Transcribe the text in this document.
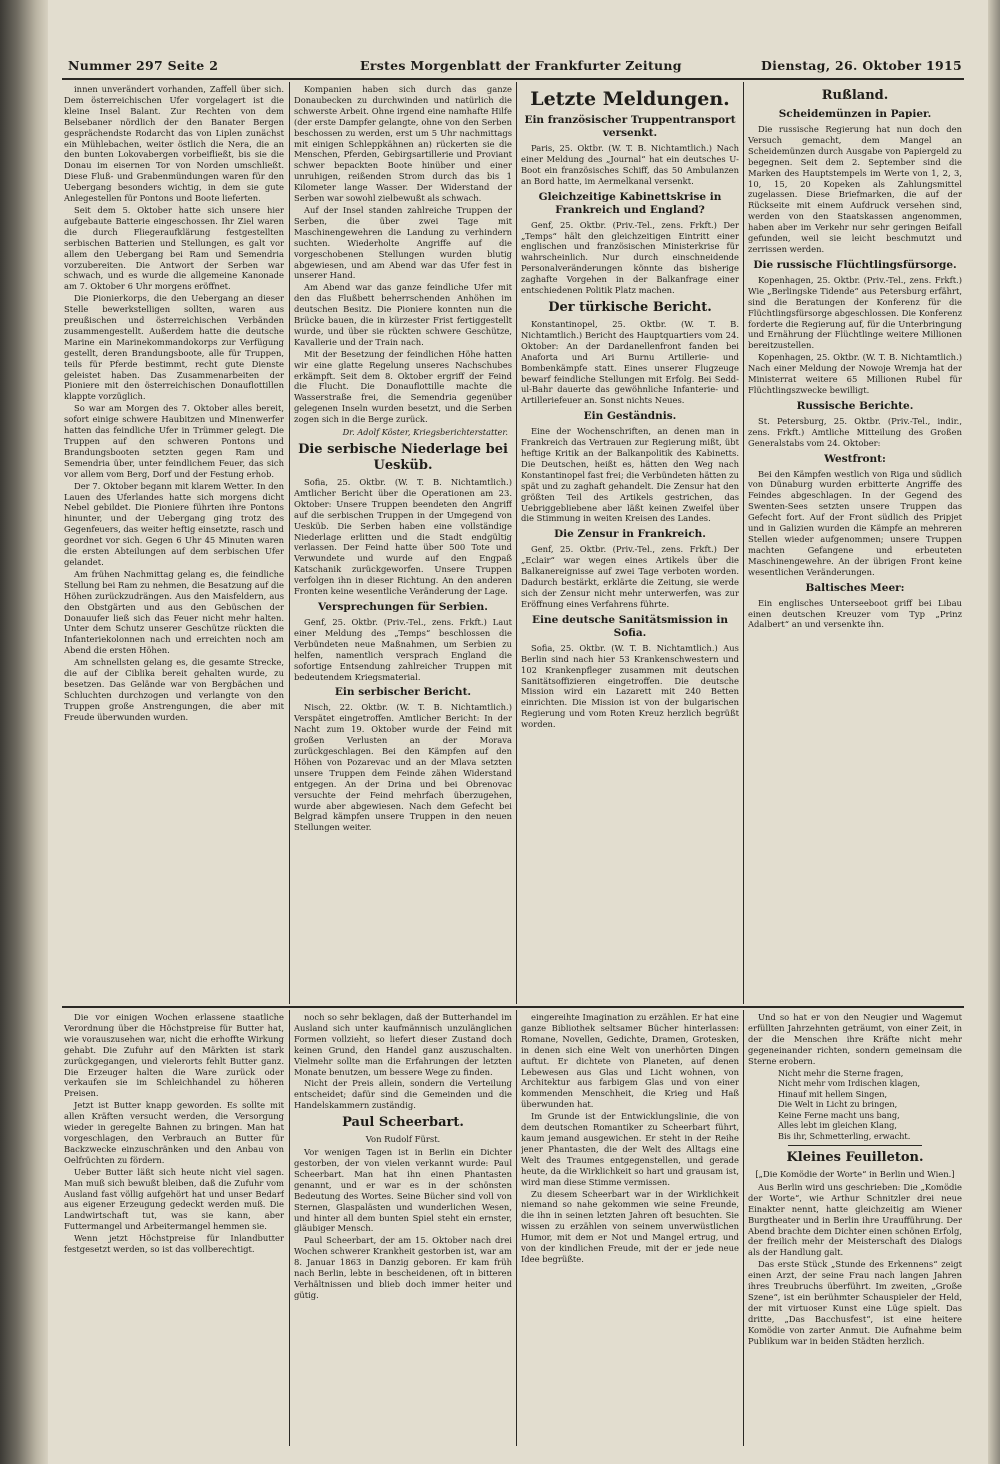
Nummer 297 Seite 2	Erstes Morgenblatt der Frankfurter Zeitung	Dienstag, 26. Oktober 1915

innen unverändert vorhanden, Zaffell über sich. Dem österreichischen Ufer vorgelagert ist die kleine Insel Balant. Zur Rechten von dem Belsebaner nördlich der den Banater Bergen gesprächendste Rodarcht das von Liplen zunächst ein Mühlebachen, weiter östlich die Nera, die an den bunten Lokovabergen vorbeifließt, bis sie die Donau im eisernen Tor von Norden umschließt. Diese Fluß- und Grabenmündungen waren für den Uebergang besonders wichtig, in dem sie gute Anlegestellen für Pontons und Boote lieferten.

Seit dem 5. Oktober hatte sich unsere hier aufgebaute Batterie eingeschossen. Ihr Ziel waren die durch Fliegeraufklärung festgestellten serbischen Batterien und Stellungen, es galt vor allem den Uebergang bei Ram und Semendria vorzubereiten. Die Antwort der Serben war schwach, und es wurde die allgemeine Kanonade am 7. Oktober 6 Uhr morgens eröffnet.

Die Pionierkorps, die den Uebergang an dieser Stelle bewerkstelligen sollten, waren aus preußischen und österreichischen Verbänden zusammengestellt. Außerdem hatte die deutsche Marine ein Marinekommandokorps zur Verfügung gestellt, deren Brandungsboote, alle für Truppen, teils für Pferde bestimmt, recht gute Dienste geleistet haben. Das Zusammenarbeiten der Pioniere mit den österreichischen Donauflottillen klappte vorzüglich.

So war am Morgen des 7. Oktober alles bereit, sofort einige schwere Haubitzen und Minenwerfer hatten das feindliche Ufer in Trümmer gelegt. Die Truppen auf den schweren Pontons und Brandungsbooten setzten gegen Ram und Semendria über, unter feindlichem Feuer, das sich vor allem vom Berg, Dorf und der Festung erhob.

Der 7. Oktober begann mit klarem Wetter. In den Lauen des Uferlandes hatte sich morgens dicht Nebel gebildet. Die Pioniere führten ihre Pontons hinunter, und der Uebergang ging trotz des Gegenfeuers, das weiter heftig einsetzte, rasch und geordnet vor sich. Gegen 6 Uhr 45 Minuten waren die ersten Abteilungen auf dem serbischen Ufer gelandet.

Am frühen Nachmittag gelang es, die feindliche Stellung bei Ram zu nehmen, die Besatzung auf die Höhen zurückzudrängen. Aus den Maisfeldern, aus den Obstgärten und aus den Gebüschen der Donauufer ließ sich das Feuer nicht mehr halten. Unter dem Schutz unserer Geschütze rückten die Infanteriekolonnen nach und erreichten noch am Abend die ersten Höhen.

Am schnellsten gelang es, die gesamte Strecke, die auf der Ciblika bereit gehalten wurde, zu besetzen. Das Gelände war von Bergbächen und Schluchten durchzogen und verlangte von den Truppen große Anstrengungen, die aber mit Freude überwunden wurden.

Kompanien haben sich durch das ganze Donaubecken zu durchwinden und natürlich die schwerste Arbeit. Ohne irgend eine namhafte Hilfe (der erste Dampfer gelangte, ohne von den Serben beschossen zu werden, erst um 5 Uhr nachmittags mit einigen Schleppkähnen an) rückerten sie die Menschen, Pferden, Gebirgsartillerie und Proviant schwer bepackten Boote hinüber und einer unruhigen, reißenden Strom durch das bis 1 Kilometer lange Wasser. Der Widerstand der Serben war sowohl zielbewußt als schwach.

Auf der Insel standen zahlreiche Truppen der Serben, die über zwei Tage mit Maschinengewehren die Landung zu verhindern suchten. Wiederholte Angriffe auf die vorgeschobenen Stellungen wurden blutig abgewiesen, und am Abend war das Ufer fest in unserer Hand.

Am Abend war das ganze feindliche Ufer mit den das Flußbett beherrschenden Anhöhen im deutschen Besitz. Die Pioniere konnten nun die Brücke bauen, die in kürzester Frist fertiggestellt wurde, und über sie rückten schwere Geschütze, Kavallerie und der Train nach.

Mit der Besetzung der feindlichen Höhe hatten wir eine glatte Regelung unseres Nachschubes erkämpft. Seit dem 8. Oktober ergriff der Feind die Flucht. Die Donauflottille machte die Wasserstraße frei, die Semendria gegenüber gelegenen Inseln wurden besetzt, und die Serben zogen sich in die Berge zurück.

Dr. Adolf Köster, Kriegsberichterstatter.
Die serbische Niederlage bei Uesküb.

Sofia, 25. Oktbr. (W. T. B. Nichtamtlich.) Amtlicher Bericht über die Operationen am 23. Oktober: Unsere Truppen beendeten den Angriff auf die serbischen Truppen in der Umgegend von Uesküb. Die Serben haben eine vollständige Niederlage erlitten und die Stadt endgültig verlassen. Der Feind hatte über 500 Tote und Verwundete und wurde auf den Engpaß Katschanik zurückgeworfen. Unsere Truppen verfolgen ihn in dieser Richtung. An den anderen Fronten keine wesentliche Veränderung der Lage.

Versprechungen für Serbien.

Genf, 25. Oktbr. (Priv.-Tel., zens. Frkft.) Laut einer Meldung des „Temps“ beschlossen die Verbündeten neue Maßnahmen, um Serbien zu helfen, namentlich versprach England die sofortige Entsendung zahlreicher Truppen mit bedeutendem Kriegsmaterial.

Ein serbischer Bericht.

Nisch, 22. Oktbr. (W. T. B. Nichtamtlich.) Verspätet eingetroffen. Amtlicher Bericht: In der Nacht zum 19. Oktober wurde der Feind mit großen Verlusten an der Morava zurückgeschlagen. Bei den Kämpfen auf den Höhen von Pozarevac und an der Mlava setzten unsere Truppen dem Feinde zähen Widerstand entgegen. An der Drina und bei Obrenovac versuchte der Feind mehrfach überzugehen, wurde aber abgewiesen. Nach dem Gefecht bei Belgrad kämpfen unsere Truppen in den neuen Stellungen weiter.

Letzte Meldungen.
Ein französischer Truppentransport versenkt.

Paris, 25. Oktbr. (W. T. B. Nichtamtlich.) Nach einer Meldung des „Journal“ hat ein deutsches U-Boot ein französisches Schiff, das 50 Ambulanzen an Bord hatte, im Aermelkanal versenkt.

Gleichzeitige Kabinettskrise in Frankreich und England?

Genf, 25. Oktbr. (Priv.-Tel., zens. Frkft.) Der „Temps“ hält den gleichzeitigen Eintritt einer englischen und französischen Ministerkrise für wahrscheinlich. Nur durch einschneidende Personalveränderungen könnte das bisherige zaghafte Vorgehen in der Balkanfrage einer entschiedenen Politik Platz machen.

Der türkische Bericht.

Konstantinopel, 25. Oktbr. (W. T. B. Nichtamtlich.) Bericht des Hauptquartiers vom 24. Oktober: An der Dardanellenfront fanden bei Anaforta und Ari Burnu Artillerie- und Bombenkämpfe statt. Eines unserer Flugzeuge bewarf feindliche Stellungen mit Erfolg. Bei Sedd-ul-Bahr dauerte das gewöhnliche Infanterie- und Artilleriefeuer an. Sonst nichts Neues.

Ein Geständnis.

Eine der Wochenschriften, an denen man in Frankreich das Vertrauen zur Regierung mißt, übt heftige Kritik an der Balkanpolitik des Kabinetts. Die Deutschen, heißt es, hätten den Weg nach Konstantinopel fast frei; die Verbündeten hätten zu spät und zu zaghaft gehandelt. Die Zensur hat den größten Teil des Artikels gestrichen, das Uebriggebliebene aber läßt keinen Zweifel über die Stimmung in weiten Kreisen des Landes.

Die Zensur in Frankreich.

Genf, 25. Oktbr. (Priv.-Tel., zens. Frkft.) Der „Eclair“ war wegen eines Artikels über die Balkanereignisse auf zwei Tage verboten worden. Dadurch bestärkt, erklärte die Zeitung, sie werde sich der Zensur nicht mehr unterwerfen, was zur Eröffnung eines Verfahrens führte.

Eine deutsche Sanitätsmission in Sofia.

Sofia, 25. Oktbr. (W. T. B. Nichtamtlich.) Aus Berlin sind nach hier 53 Krankenschwestern und 102 Krankenpfleger zusammen mit deutschen Sanitätsoffizieren eingetroffen. Die deutsche Mission wird ein Lazarett mit 240 Betten einrichten. Die Mission ist von der bulgarischen Regierung und vom Roten Kreuz herzlich begrüßt worden.

Rußland.
Scheidemünzen in Papier.

Die russische Regierung hat nun doch den Versuch gemacht, dem Mangel an Scheidemünzen durch Ausgabe von Papiergeld zu begegnen. Seit dem 2. September sind die Marken des Hauptstempels im Werte von 1, 2, 3, 10, 15, 20 Kopeken als Zahlungsmittel zugelassen. Diese Briefmarken, die auf der Rückseite mit einem Aufdruck versehen sind, werden von den Staatskassen angenommen, haben aber im Verkehr nur sehr geringen Beifall gefunden, weil sie leicht beschmutzt und zerrissen werden.

Die russische Flüchtlingsfürsorge.

Kopenhagen, 25. Oktbr. (Priv.-Tel., zens. Frkft.) Wie „Berlingske Tidende“ aus Petersburg erfährt, sind die Beratungen der Konferenz für die Flüchtlingsfürsorge abgeschlossen. Die Konferenz forderte die Regierung auf, für die Unterbringung und Ernährung der Flüchtlinge weitere Millionen bereitzustellen.

Kopenhagen, 25. Oktbr. (W. T. B. Nichtamtlich.) Nach einer Meldung der Nowoje Wremja hat der Ministerrat weitere 65 Millionen Rubel für Flüchtlingszwecke bewilligt.

Russische Berichte.

St. Petersburg, 25. Oktbr. (Priv.-Tel., indir., zens. Frkft.) Amtliche Mitteilung des Großen Generalstabs vom 24. Oktober:

Westfront:

Bei den Kämpfen westlich von Riga und südlich von Dünaburg wurden erbitterte Angriffe des Feindes abgeschlagen. In der Gegend des Swenten-Sees setzten unsere Truppen das Gefecht fort. Auf der Front südlich des Pripjet und in Galizien wurden die Kämpfe an mehreren Stellen wieder aufgenommen; unsere Truppen machten Gefangene und erbeuteten Maschinengewehre. An der übrigen Front keine wesentlichen Veränderungen.

Baltisches Meer:

Ein englisches Unterseeboot griff bei Libau einen deutschen Kreuzer vom Typ „Prinz Adalbert“ an und versenkte ihn.

Die vor einigen Wochen erlassene staatliche Verordnung über die Höchstpreise für Butter hat, wie vorauszusehen war, nicht die erhoffte Wirkung gehabt. Die Zufuhr auf den Märkten ist stark zurückgegangen, und vielerorts fehlt Butter ganz. Die Erzeuger halten die Ware zurück oder verkaufen sie im Schleichhandel zu höheren Preisen.

Jetzt ist Butter knapp geworden. Es sollte mit allen Kräften versucht werden, die Versorgung wieder in geregelte Bahnen zu bringen. Man hat vorgeschlagen, den Verbrauch an Butter für Backzwecke einzuschränken und den Anbau von Oelfrüchten zu fördern.

Ueber Butter läßt sich heute nicht viel sagen. Man muß sich bewußt bleiben, daß die Zufuhr vom Ausland fast völlig aufgehört hat und unser Bedarf aus eigener Erzeugung gedeckt werden muß. Die Landwirtschaft tut, was sie kann, aber Futtermangel und Arbeitermangel hemmen sie.

Wenn jetzt Höchstpreise für Inlandbutter festgesetzt werden, so ist das vollberechtigt.

noch so sehr beklagen, daß der Butterhandel im Ausland sich unter kaufmännisch unzulänglichen Formen vollzieht, so liefert dieser Zustand doch keinen Grund, den Handel ganz auszuschalten. Vielmehr sollte man die Erfahrungen der letzten Monate benutzen, um bessere Wege zu finden.

Nicht der Preis allein, sondern die Verteilung entscheidet; dafür sind die Gemeinden und die Handelskammern zuständig.

Paul Scheerbart.
Von Rudolf Fürst.

Vor wenigen Tagen ist in Berlin ein Dichter gestorben, der von vielen verkannt wurde: Paul Scheerbart. Man hat ihn einen Phantasten genannt, und er war es in der schönsten Bedeutung des Wortes. Seine Bücher sind voll von Sternen, Glaspalästen und wunderlichen Wesen, und hinter all dem bunten Spiel steht ein ernster, gläubiger Mensch.

Paul Scheerbart, der am 15. Oktober nach drei Wochen schwerer Krankheit gestorben ist, war am 8. Januar 1863 in Danzig geboren. Er kam früh nach Berlin, lebte in bescheidenen, oft in bitteren Verhältnissen und blieb doch immer heiter und gütig.

eingereihte Imagination zu erzählen. Er hat eine ganze Bibliothek seltsamer Bücher hinterlassen: Romane, Novellen, Gedichte, Dramen, Grotesken, in denen sich eine Welt von unerhörten Dingen auftut. Er dichtete von Planeten, auf denen Lebewesen aus Glas und Licht wohnen, von Architektur aus farbigem Glas und von einer kommenden Menschheit, die Krieg und Haß überwunden hat.

Im Grunde ist der Entwicklungslinie, die von dem deutschen Romantiker zu Scheerbart führt, kaum jemand ausgewichen. Er steht in der Reihe jener Phantasten, die der Welt des Alltags eine Welt des Traumes entgegenstellen, und gerade heute, da die Wirklichkeit so hart und grausam ist, wird man diese Stimme vermissen.

Zu diesem Scheerbart war in der Wirklichkeit niemand so nahe gekommen wie seine Freunde, die ihn in seinen letzten Jahren oft besuchten. Sie wissen zu erzählen von seinem unverwüstlichen Humor, mit dem er Not und Mangel ertrug, und von der kindlichen Freude, mit der er jede neue Idee begrüßte.

Und so hat er von den Neugier und Wagemut erfüllten Jahrzehnten geträumt, von einer Zeit, in der die Menschen ihre Kräfte nicht mehr gegeneinander richten, sondern gemeinsam die Sterne erobern.

Nicht mehr die Sterne fragen,
Nicht mehr vom Irdischen klagen,
Hinauf mit hellem Singen,
Die Welt in Licht zu bringen,
Keine Ferne macht uns bang,
Alles lebt im gleichen Klang,
Bis ihr, Schmetterling, erwacht.
Kleines Feuilleton.
[„Die Komödie der Worte“ in Berlin und Wien.]

Aus Berlin wird uns geschrieben: Die „Komödie der Worte“, wie Arthur Schnitzler drei neue Einakter nennt, hatte gleichzeitig am Wiener Burgtheater und in Berlin ihre Uraufführung. Der Abend brachte dem Dichter einen schönen Erfolg, der freilich mehr der Meisterschaft des Dialogs als der Handlung galt.

Das erste Stück „Stunde des Erkennens“ zeigt einen Arzt, der seine Frau nach langen Jahren ihres Treubruchs überführt. Im zweiten, „Große Szene“, ist ein berühmter Schauspieler der Held, der mit virtuoser Kunst eine Lüge spielt. Das dritte, „Das Bacchusfest“, ist eine heitere Komödie von zarter Anmut. Die Aufnahme beim Publikum war in beiden Städten herzlich.
